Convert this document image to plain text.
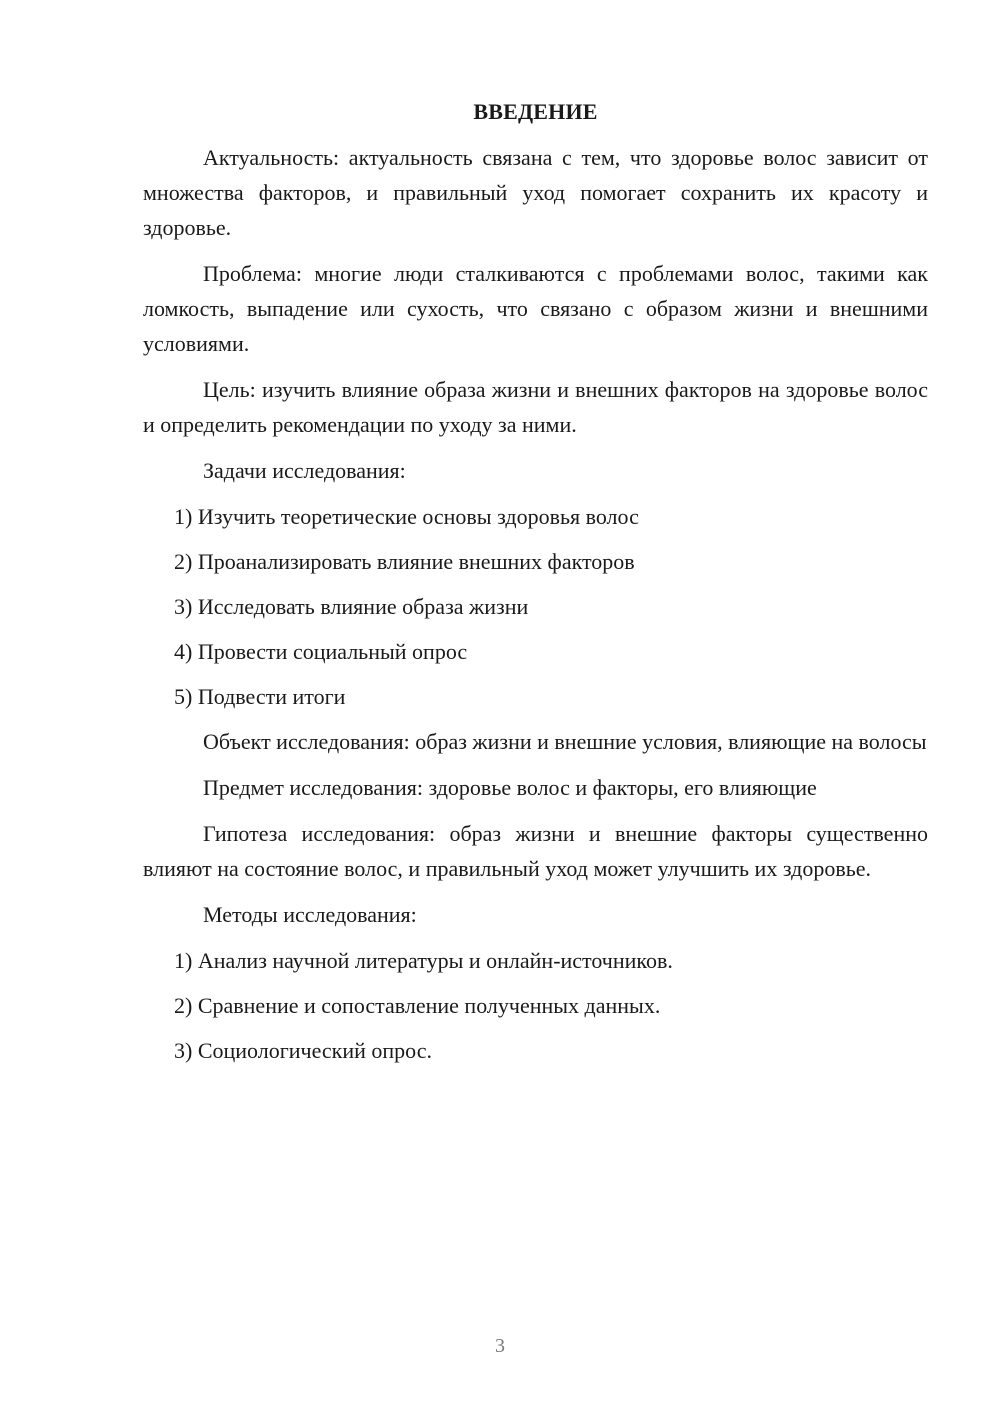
ВВЕДЕНИЕ

Актуальность: актуальность связана с тем, что здоровье волос зависит от множества факторов, и правильный уход помогает сохранить их красоту и здоровье.

Проблема: многие люди сталкиваются с проблемами волос, такими как ломкость, выпадение или сухость, что связано с образом жизни и внешними условиями.

Цель: изучить влияние образа жизни и внешних факторов на здоровье волос и определить рекомендации по уходу за ними.

Задачи исследования:

1) Изучить теоретические основы здоровья волос
2) Проанализировать влияние внешних факторов
3) Исследовать влияние образа жизни
4) Провести социальный опрос
5) Подвести итоги

Объект исследования: образ жизни и внешние условия, влияющие на волосы

Предмет исследования: здоровье волос и факторы, его влияющие

Гипотеза исследования: образ жизни и внешние факторы существенно влияют на состояние волос, и правильный уход может улучшить их здоровье.

Методы исследования:

1) Анализ научной литературы и онлайн-источников.
2) Сравнение и сопоставление полученных данных.
3) Социологический опрос.
3
